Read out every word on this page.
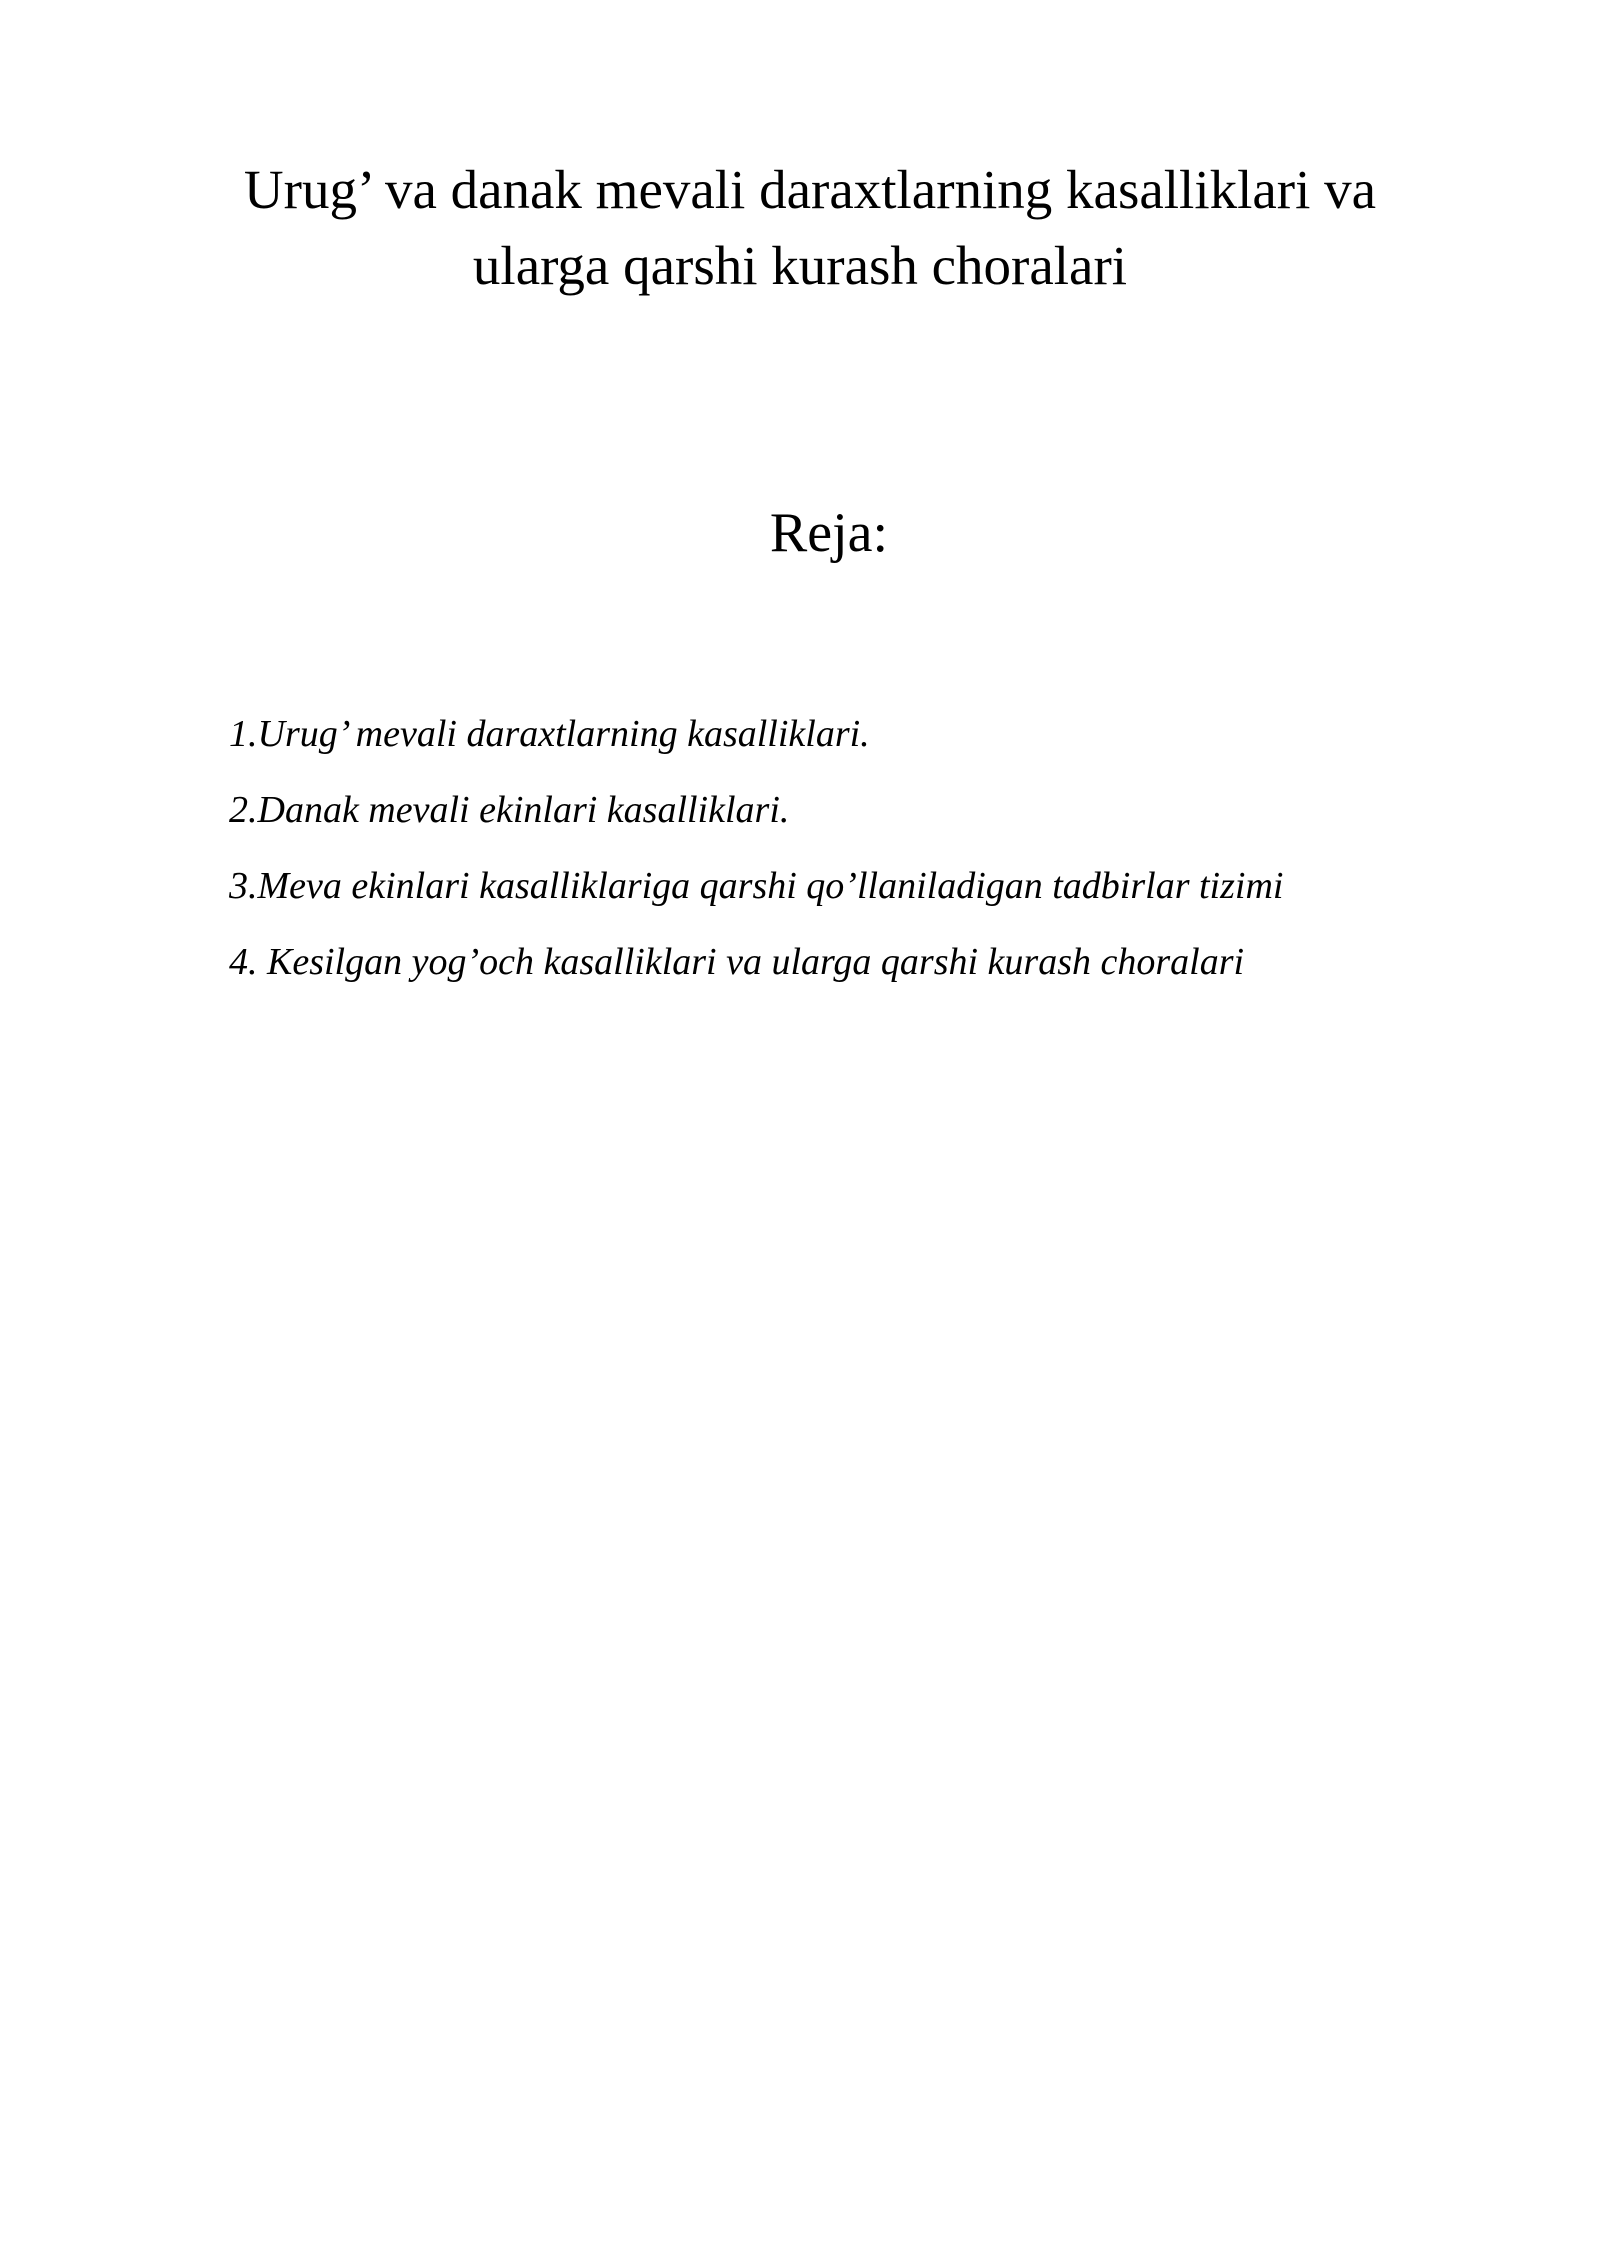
Urug’ va danak mevali daraxtlarning kasalliklari va
ularga qarshi kurash choralari
Reja:
1.Urug’ mevali daraxtlarning kasalliklari.
2.Danak mevali ekinlari kasalliklari.
3.Meva ekinlari kasalliklariga qarshi qo’llaniladigan tadbirlar tizimi
4. Kesilgan yog’och kasalliklari va ularga qarshi kurash choralari
